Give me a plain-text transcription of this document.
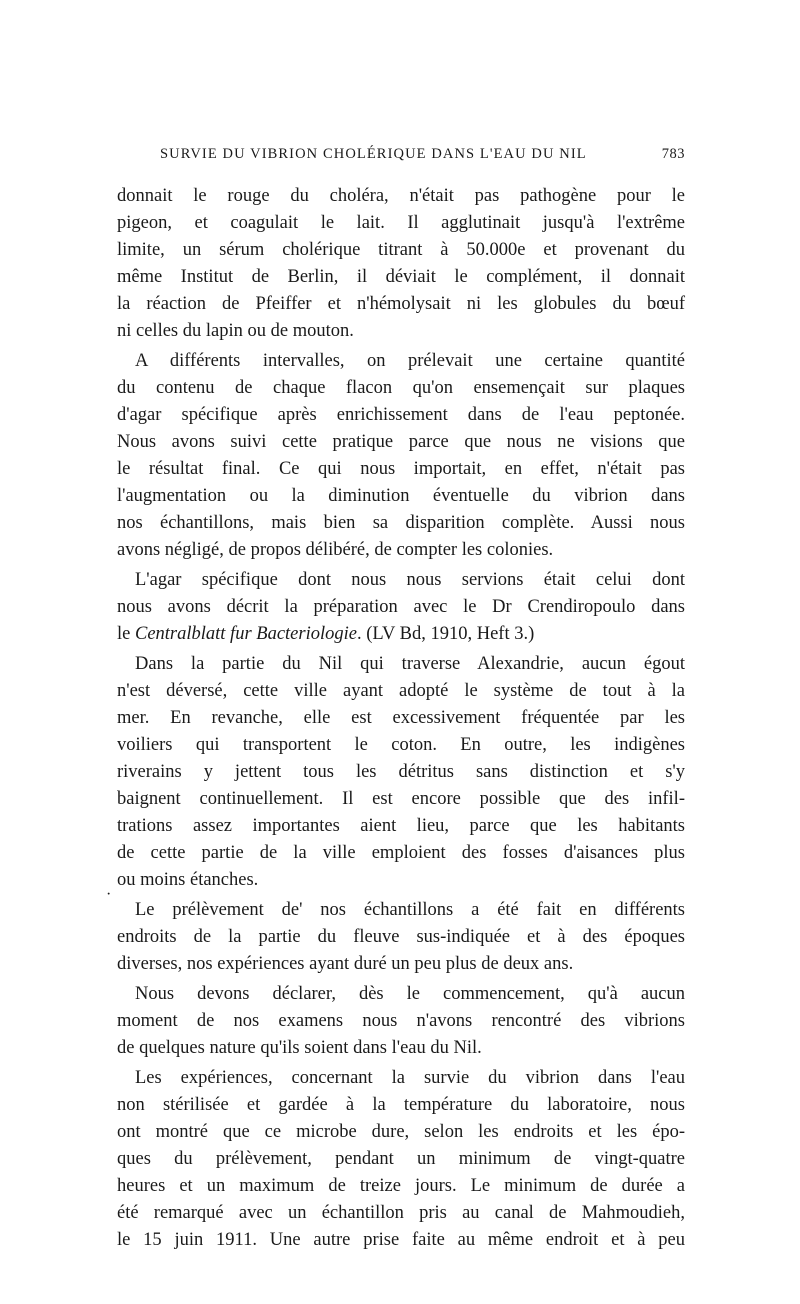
SURVIE DU VIBRION CHOLÉRIQUE DANS L'EAU DU NIL	783
·
donnait le rouge du choléra, n'était pas pathogène pour le
pigeon, et coagulait le lait. Il agglutinait jusqu'à l'extrême
limite, un sérum cholérique titrant à 50.000e et provenant du
même Institut de Berlin, il déviait le complément, il donnait
la réaction de Pfeiffer et n'hémolysait ni les globules du bœuf
ni celles du lapin ou de mouton.
A différents intervalles, on prélevait une certaine quantité
du contenu de chaque flacon qu'on ensemençait sur plaques
d'agar spécifique après enrichissement dans de l'eau peptonée.
Nous avons suivi cette pratique parce que nous ne visions que
le résultat final. Ce qui nous importait, en effet, n'était pas
l'augmentation ou la diminution éventuelle du vibrion dans
nos échantillons, mais bien sa disparition complète. Aussi nous
avons négligé, de propos délibéré, de compter les colonies.
L'agar spécifique dont nous nous servions était celui dont
nous avons décrit la préparation avec le Dr Crendiropoulo dans
le Centralblatt fur Bacteriologie. (LV Bd, 1910, Heft 3.)
Dans la partie du Nil qui traverse Alexandrie, aucun égout
n'est déversé, cette ville ayant adopté le système de tout à la
mer. En revanche, elle est excessivement fréquentée par les
voiliers qui transportent le coton. En outre, les indigènes
riverains y jettent tous les détritus sans distinction et s'y
baignent continuellement. Il est encore possible que des infil-
trations assez importantes aient lieu, parce que les habitants
de cette partie de la ville emploient des fosses d'aisances plus
ou moins étanches.
Le prélèvement de' nos échantillons a été fait en différents
endroits de la partie du fleuve sus-indiquée et à des époques
diverses, nos expériences ayant duré un peu plus de deux ans.
Nous devons déclarer, dès le commencement, qu'à aucun
moment de nos examens nous n'avons rencontré des vibrions
de quelques nature qu'ils soient dans l'eau du Nil.
Les expériences, concernant la survie du vibrion dans l'eau
non stérilisée et gardée à la température du laboratoire, nous
ont montré que ce microbe dure, selon les endroits et les épo-
ques du prélèvement, pendant un minimum de vingt-quatre
heures et un maximum de treize jours. Le minimum de durée a
été remarqué avec un échantillon pris au canal de Mahmoudieh,
le 15 juin 1911. Une autre prise faite au même endroit et à peu
